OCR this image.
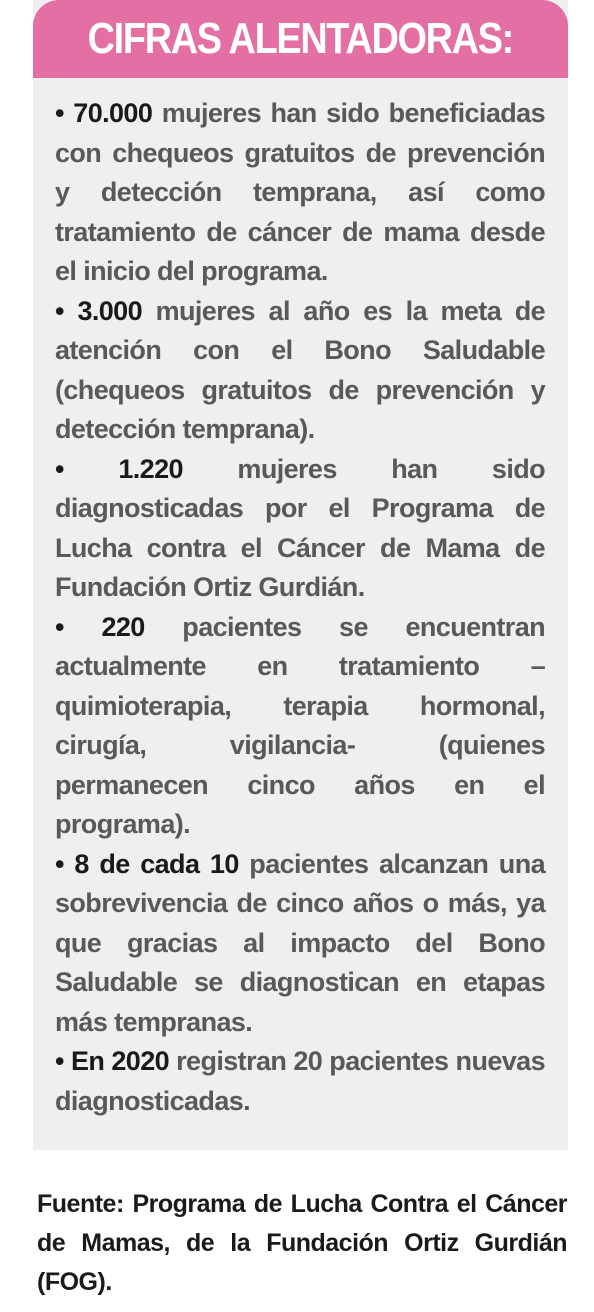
CIFRAS ALENTADORAS:
• 70.000 mujeres han sido beneficiadas con chequeos gratuitos de prevención y detección temprana, así como tratamiento de cáncer de mama desde el inicio del programa.
• 3.000 mujeres al año es la meta de atención con el Bono Saludable (chequeos gratuitos de prevención y detección temprana).
• 1.220 mujeres han sido diagnosticadas por el Programa de Lucha contra el Cáncer de Mama de Fundación Ortiz Gurdián.
• 220 pacientes se encuentran actualmente en tratamiento – quimioterapia, terapia hormonal, cirugía, vigilancia- (quienes permanecen cinco años en el programa).
• 8 de cada 10 pacientes alcanzan una sobrevivencia de cinco años o más, ya que gracias al impacto del Bono Saludable se diagnostican en etapas más tempranas.
• En 2020 registran 20 pacientes nuevas diagnosticadas.

Fuente: Programa de Lucha Contra el Cáncer de Mamas, de la Fundación Ortiz Gurdián (FOG).
